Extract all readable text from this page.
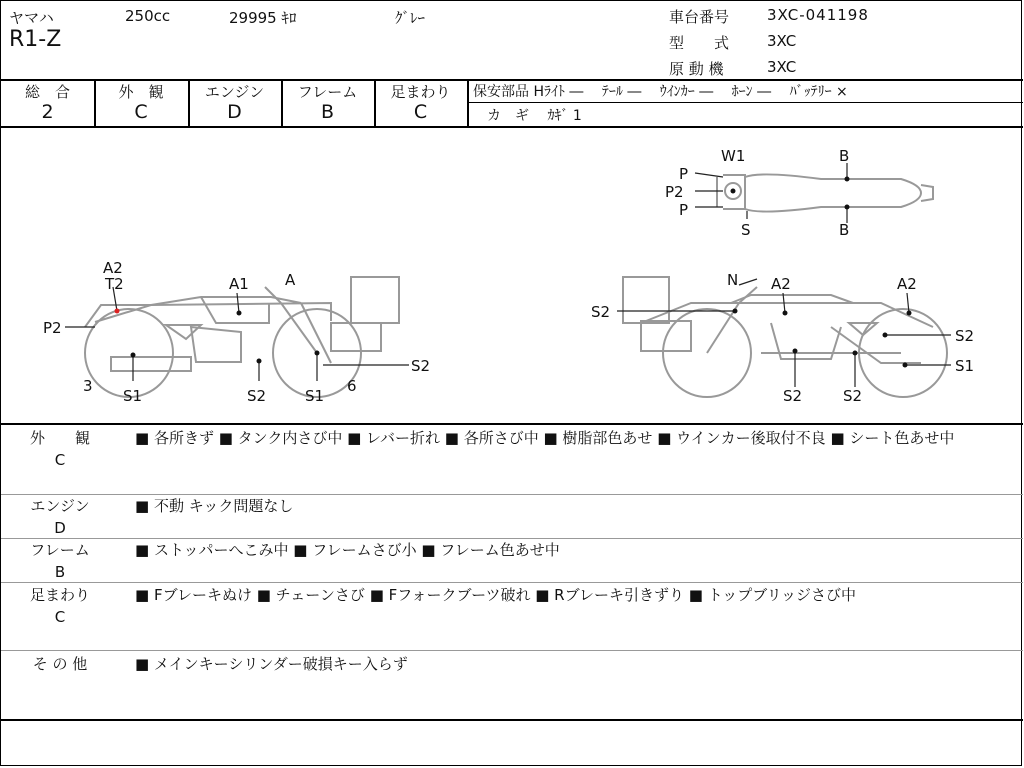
ヤマハ	250cc	29995 ｷﾛ	ｸﾞﾚｰ
R1-Z
車台番号	3XC-041198
型　　式	3XC
原 動 機	3XC
総　合
2
外　観
C
エンジン
D
フレーム
B
足まわり
C
保安部品 Hﾗｲﾄ ―　 ﾃｰﾙ ―　 ｳｲﾝｶｰ ―　 ﾎｰﾝ ―　 ﾊﾞｯﾃﾘｰ ×
カ　ギ　 ｶｷﾞ 1
A2
T2
P2
A1 A
S1	S2	S1
S2
3	6
N A2	A2
S2
S2
S1
S2	S2
W1	B
P
P2
P
S	B
外　　観
C
■ 各所きず ■ タンク内さび中 ■ レバー折れ ■ 各所さび中 ■ 樹脂部色あせ ■ ウインカー後取付不良 ■ シート色あせ中
エンジン
D
■ 不動 キック問題なし
フレーム
B
■ ストッパーへこみ中 ■ フレームさび小 ■ フレーム色あせ中
足まわり
C
■ Fブレーキぬけ ■ チェーンさび ■ Fフォークブーツ破れ ■ Rブレーキ引きずり ■ トップブリッジさび中
そ の 他	■ メインキーシリンダー破損キー入らず
